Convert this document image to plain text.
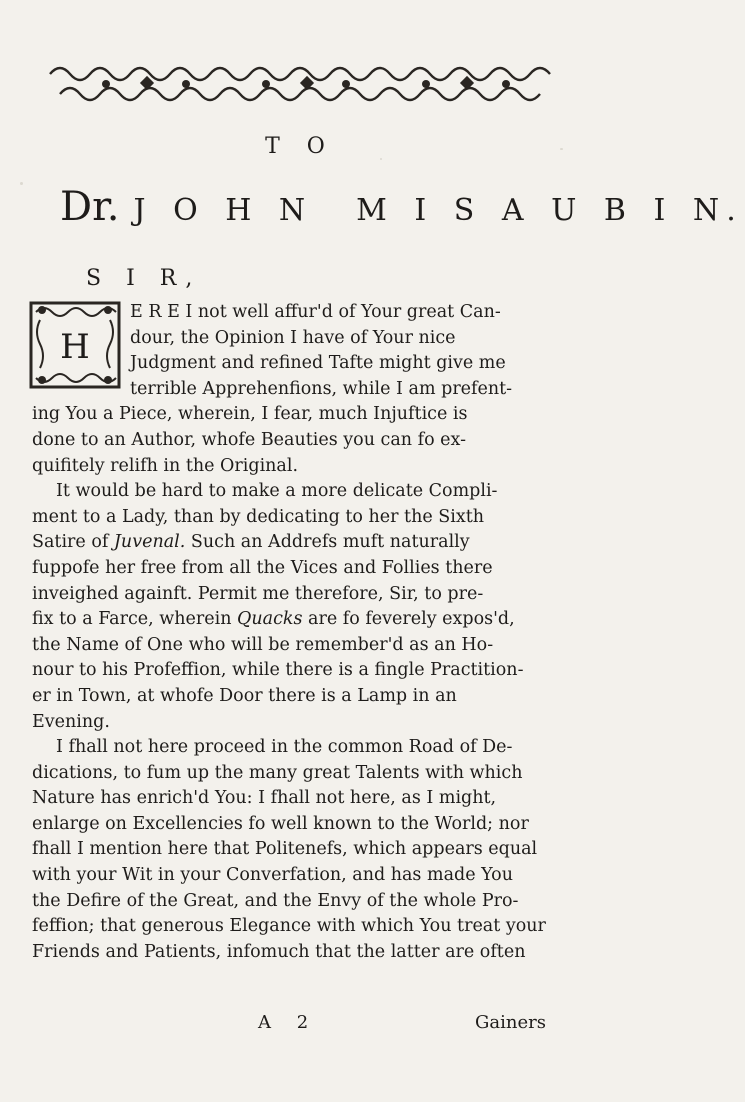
T O
Dr. J O H N M I S A U B I N.
S I R,
H
E R E I not well affur'd of Your great Can-
dour, the Opinion I have of Your nice
Judgment and refined Tafte might give me
terrible Apprehenfions, while I am prefent-
ing You a Piece, wherein, I fear, much Injuftice is
done to an Author, whofe Beauties you can fo ex-
quifitely relifh in the Original.
It would be hard to make a more delicate Compli-
ment to a Lady, than by dedicating to her the Sixth
Satire of Juvenal. Such an Addrefs muft naturally
fuppofe her free from all the Vices and Follies there
inveighed againft. Permit me therefore, Sir, to pre-
fix to a Farce, wherein Quacks are fo feverely expos'd,
the Name of One who will be remember'd as an Ho-
nour to his Profeffion, while there is a fingle Practition-
er in Town, at whofe Door there is a Lamp in an
Evening.
I fhall not here proceed in the common Road of De-
dications, to fum up the many great Talents with which
Nature has enrich'd You: I fhall not here, as I might,
enlarge on Excellencies fo well known to the World; nor
fhall I mention here that Politenefs, which appears equal
with your Wit in your Converfation, and has made You
the Defire of the Great, and the Envy of the whole Pro-
feffion; that generous Elegance with which You treat your
Friends and Patients, infomuch that the latter are often
A 2	Gainers
